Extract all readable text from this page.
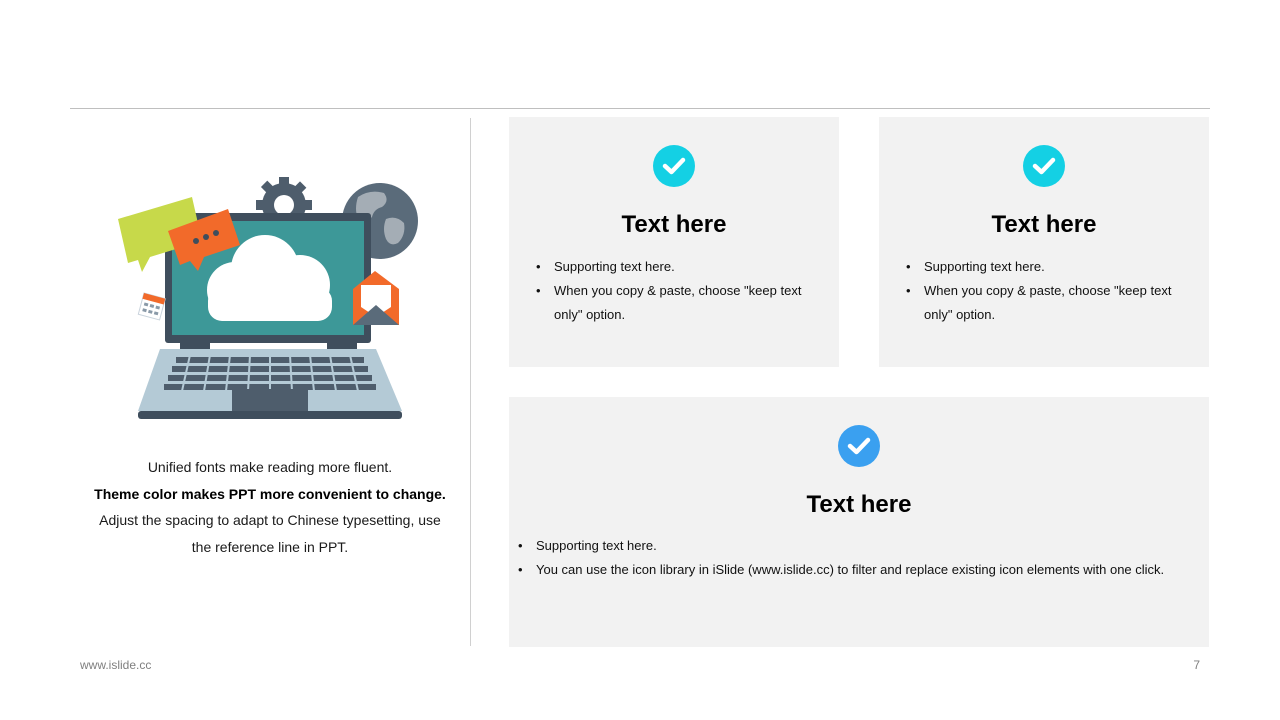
Unified fonts make reading more fluent.
Theme color makes PPT more convenient to change.
Adjust the spacing to adapt to Chinese typesetting, use
the reference line in PPT.
Text here
• Supporting text here.
• When you copy & paste, choose "keep text only" option.
Text here
• Supporting text here.
• When you copy & paste, choose "keep text only" option.
Text here
• Supporting text here.
• You can use the icon library in iSlide (www.islide.cc) to filter and replace existing icon elements with one click.
www.islide.cc	7
